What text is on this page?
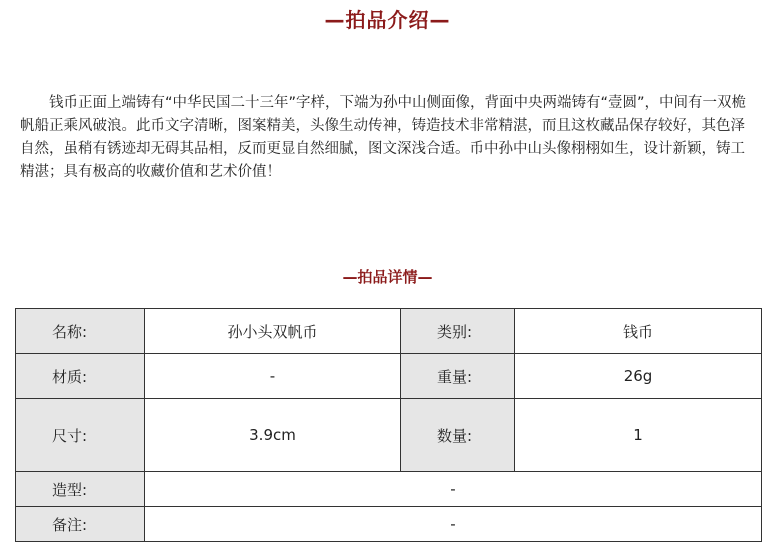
—拍品介绍—
钱币正面上端铸有“中华民国二十三年”字样，下端为孙中山侧面像，背面中央两端铸有“壹圆”，中间有一双桅帆船正乘风破浪。此币文字清晰，图案精美，头像生动传神，铸造技术非常精湛，而且这枚藏品保存较好，其色泽自然，虽稍有锈迹却无碍其品相，反而更显自然细腻，图文深浅合适。币中孙中山头像栩栩如生，设计新颖，铸工精湛；具有极高的收藏价值和艺术价值！
—拍品详情—
名称:	孙小头双帆币	类别:	钱币
材质:	-	重量:	26g
尺寸:	3.9cm	数量:	1
造型:	-		
备注:	-		
